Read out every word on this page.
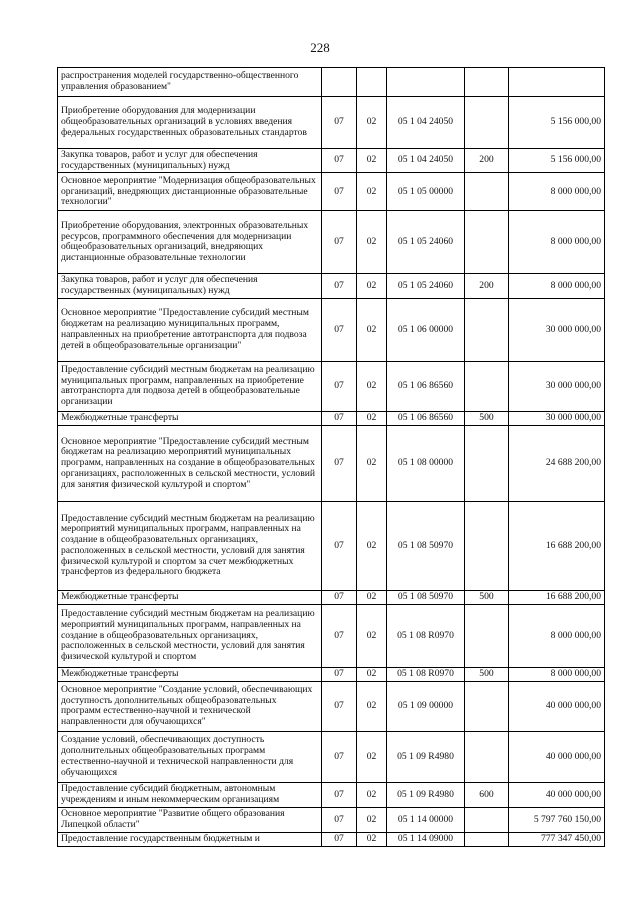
228
распространения моделей государственно-общественного управления образованием"					
Приобретение оборудования для модернизации общеобразовательных организаций в условиях введения федеральных государственных образовательных стандартов	07	02	05 1 04 24050		5 156 000,00
Закупка товаров, работ и услуг для обеспечения государственных (муниципальных) нужд	07	02	05 1 04 24050	200	5 156 000,00
Основное мероприятие "Модернизация общеобразовательных организаций, внедряющих дистанционные образовательные технологии"	07	02	05 1 05 00000		8 000 000,00
Приобретение оборудования, электронных образовательных ресурсов, программного обеспечения для модернизации общеобразовательных организаций, внедряющих дистанционные образовательные технологии	07	02	05 1 05 24060		8 000 000,00
Закупка товаров, работ и услуг для обеспечения государственных (муниципальных) нужд	07	02	05 1 05 24060	200	8 000 000,00
Основное мероприятие "Предоставление субсидий местным бюджетам на реализацию муниципальных программ, направленных на приобретение автотранспорта для подвоза детей в общеобразовательные организации"	07	02	05 1 06 00000		30 000 000,00
Предоставление субсидий местным бюджетам на реализацию муниципальных программ, направленных на приобретение автотранспорта для подвоза детей в общеобразовательные организации	07	02	05 1 06 86560		30 000 000,00
Межбюджетные трансферты	07	02	05 1 06 86560	500	30 000 000,00
Основное мероприятие "Предоставление субсидий местным бюджетам на реализацию мероприятий муниципальных программ, направленных на создание в общеобразовательных организациях, расположенных в сельской местности, условий для занятия физической культурой и спортом"	07	02	05 1 08 00000		24 688 200,00
Предоставление субсидий местным бюджетам на реализацию мероприятий муниципальных программ, направленных на создание в общеобразовательных организациях, расположенных в сельской местности, условий для занятия физической культурой и спортом за счет межбюджетных трансфертов из федерального бюджета	07	02	05 1 08 50970		16 688 200,00
Межбюджетные трансферты	07	02	05 1 08 50970	500	16 688 200,00
Предоставление субсидий местным бюджетам на реализацию мероприятий муниципальных программ, направленных на создание в общеобразовательных организациях, расположенных в сельской местности, условий для занятия физической культурой и спортом	07	02	05 1 08 R0970		8 000 000,00
Межбюджетные трансферты	07	02	05 1 08 R0970	500	8 000 000,00
Основное мероприятие "Создание условий, обеспечивающих доступность дополнительных общеобразовательных программ естественно-научной и технической направленности для обучающихся"	07	02	05 1 09 00000		40 000 000,00
Создание условий, обеспечивающих доступность дополнительных общеобразовательных программ естественно-научной и технической направленности для обучающихся	07	02	05 1 09 R4980		40 000 000,00
Предоставление субсидий бюджетным, автономным учреждениям и иным некоммерческим организациям	07	02	05 1 09 R4980	600	40 000 000,00
Основное мероприятие "Развитие общего образования Липецкой области"	07	02	05 1 14 00000		5 797 760 150,00
Предоставление государственным бюджетным и	07	02	05 1 14 09000		777 347 450,00
